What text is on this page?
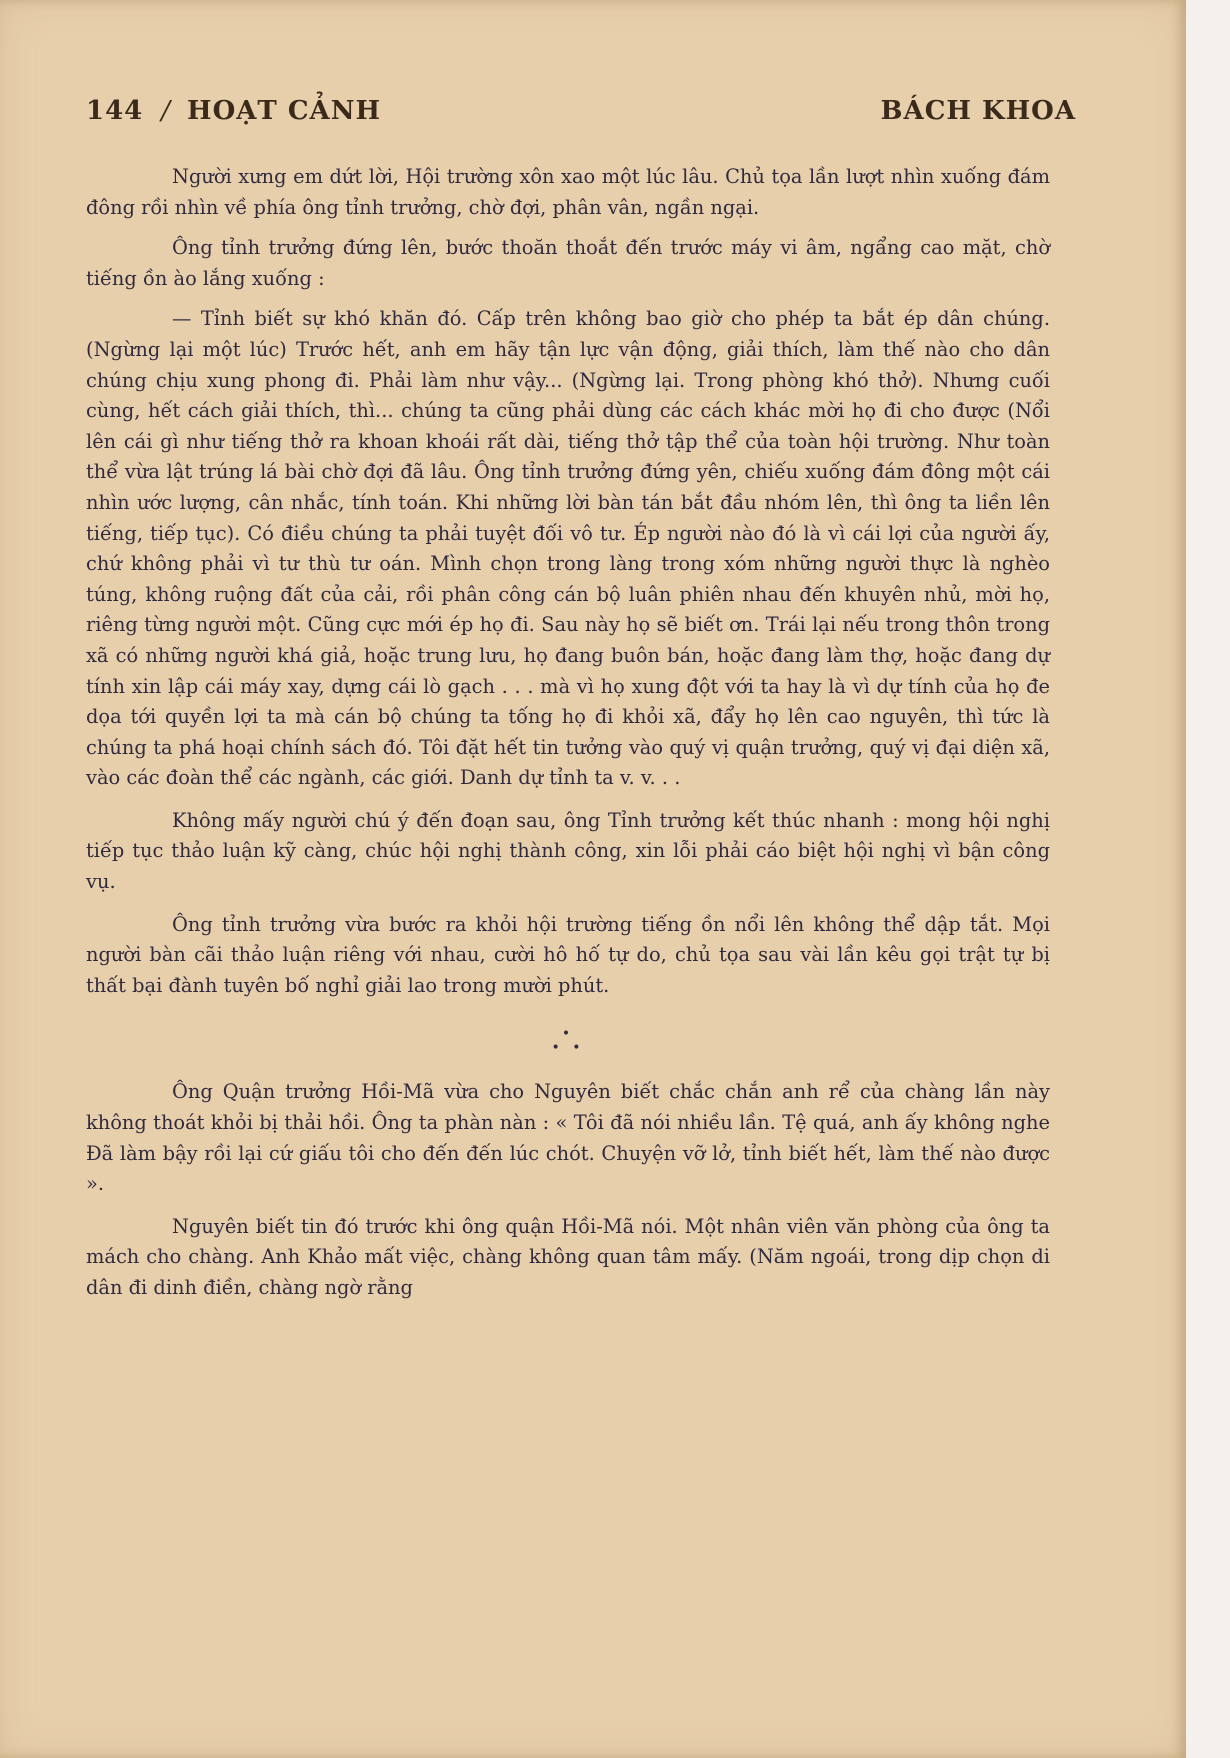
144 / HOẠT CẢNH	BÁCH KHOA

Người xưng em dứt lời, Hội trường xôn xao một lúc lâu. Chủ tọa lần lượt nhìn xuống đám đông rồi nhìn về phía ông tỉnh trưởng, chờ đợi, phân vân, ngần ngại.

Ông tỉnh trưởng đứng lên, bước thoăn thoắt đến trước máy vi âm, ngẩng cao mặt, chờ tiếng ồn ào lắng xuống :

— Tỉnh biết sự khó khăn đó. Cấp trên không bao giờ cho phép ta bắt ép dân chúng. (Ngừng lại một lúc) Trước hết, anh em hãy tận lực vận động, giải thích, làm thế nào cho dân chúng chịu xung phong đi. Phải làm như vậy... (Ngừng lại. Trong phòng khó thở). Nhưng cuối cùng, hết cách giải thích, thì... chúng ta cũng phải dùng các cách khác mời họ đi cho được (Nổi lên cái gì như tiếng thở ra khoan khoái rất dài, tiếng thở tập thể của toàn hội trường. Như toàn thể vừa lật trúng lá bài chờ đợi đã lâu. Ông tỉnh trưởng đứng yên, chiếu xuống đám đông một cái nhìn ước lượng, cân nhắc, tính toán. Khi những lời bàn tán bắt đầu nhóm lên, thì ông ta liền lên tiếng, tiếp tục). Có điều chúng ta phải tuyệt đối vô tư. Ép người nào đó là vì cái lợi của người ấy, chứ không phải vì tư thù tư oán. Mình chọn trong làng trong xóm những người thực là nghèo túng, không ruộng đất của cải, rồi phân công cán bộ luân phiên nhau đến khuyên nhủ, mời họ, riêng từng người một. Cũng cực mới ép họ đi. Sau này họ sẽ biết ơn. Trái lại nếu trong thôn trong xã có những người khá giả, hoặc trung lưu, họ đang buôn bán, hoặc đang làm thợ, hoặc đang dự tính xin lập cái máy xay, dựng cái lò gạch . . . mà vì họ xung đột với ta hay là vì dự tính của họ đe dọa tới quyền lợi ta mà cán bộ chúng ta tống họ đi khỏi xã, đẩy họ lên cao nguyên, thì tức là chúng ta phá hoại chính sách đó. Tôi đặt hết tin tưởng vào quý vị quận trưởng, quý vị đại diện xã, vào các đoàn thể các ngành, các giới. Danh dự tỉnh ta v. v. . .

Không mấy người chú ý đến đoạn sau, ông Tỉnh trưởng kết thúc nhanh : mong hội nghị tiếp tục thảo luận kỹ càng, chúc hội nghị thành công, xin lỗi phải cáo biệt hội nghị vì bận công vụ.

Ông tỉnh trưởng vừa bước ra khỏi hội trường tiếng ồn nổi lên không thể dập tắt. Mọi người bàn cãi thảo luận riêng với nhau, cười hô hố tự do, chủ tọa sau vài lần kêu gọi trật tự bị thất bại đành tuyên bố nghỉ giải lao trong mười phút.

•
• •

Ông Quận trưởng Hồi-Mã vừa cho Nguyên biết chắc chắn anh rể của chàng lần này không thoát khỏi bị thải hồi. Ông ta phàn nàn : « Tôi đã nói nhiều lần. Tệ quá, anh ấy không nghe Đã làm bậy rồi lại cứ giấu tôi cho đến đến lúc chót. Chuyện vỡ lở, tỉnh biết hết, làm thế nào được ».

Nguyên biết tin đó trước khi ông quận Hồi-Mã nói. Một nhân viên văn phòng của ông ta mách cho chàng. Anh Khảo mất việc, chàng không quan tâm mấy. (Năm ngoái, trong dịp chọn di dân đi dinh điền, chàng ngờ rằng
